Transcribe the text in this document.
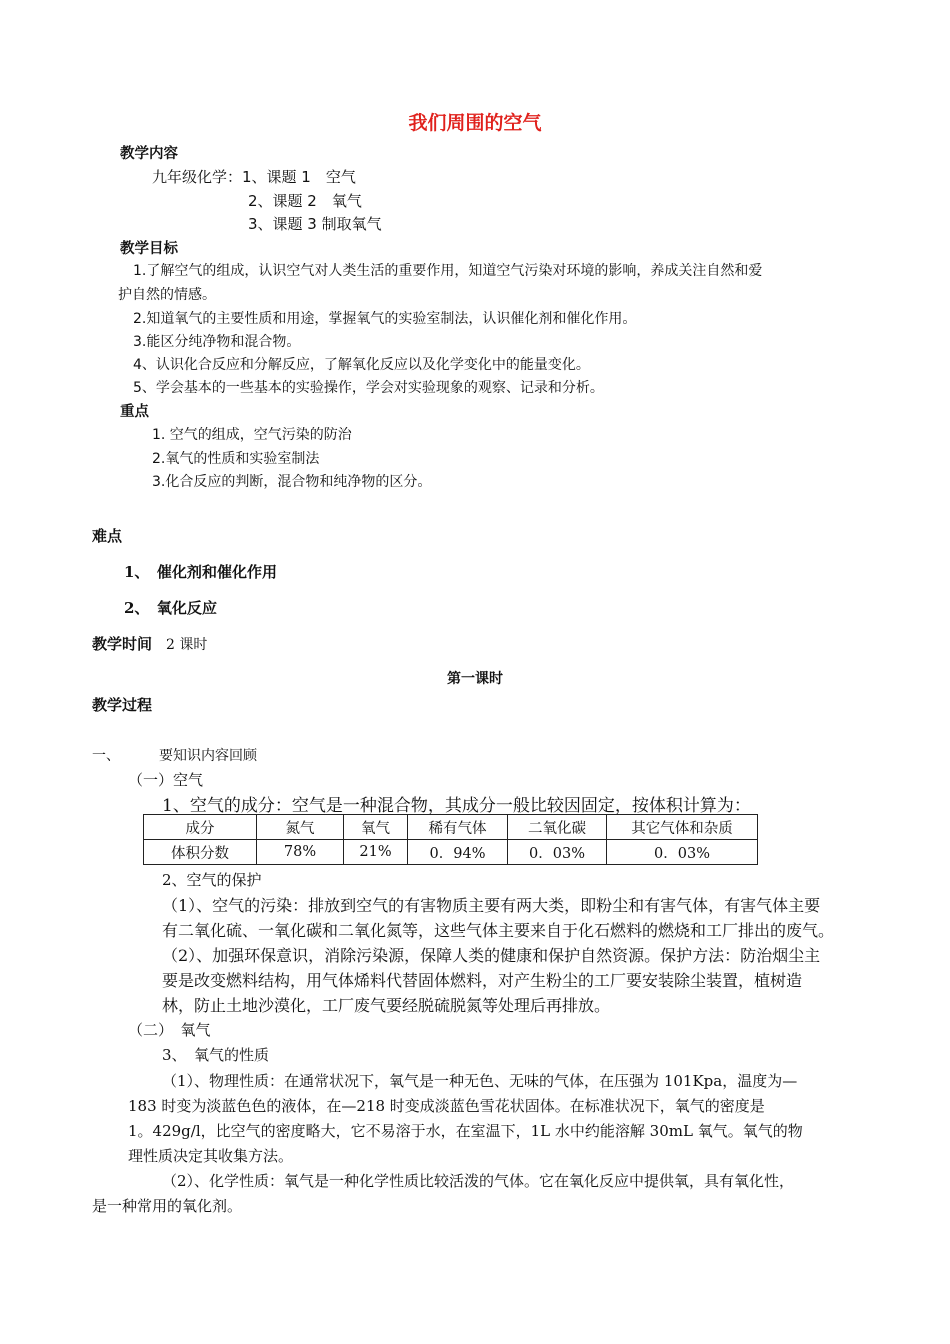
我们周围的空气
教学内容
九年级化学：1、课题 1　空气
2、课题 2　氧气
3、课题 3 制取氧气
教学目标
1.了解空气的组成，认识空气对人类生活的重要作用，知道空气污染对环境的影响，养成关注自然和爱
护自然的情感。
2.知道氧气的主要性质和用途，掌握氧气的实验室制法，认识催化剂和催化作用。
3.能区分纯净物和混合物。
4、认识化合反应和分解反应，了解氧化反应以及化学变化中的能量变化。
5、学会基本的一些基本的实验操作，学会对实验现象的观察、记录和分析。
重点
1. 空气的组成，空气污染的防治
2.氧气的性质和实验室制法
3.化合反应的判断，混合物和纯净物的区分。
难点
1、　催化剂和催化作用
2、　氧化反应
教学时间　 2 课时
第一课时
教学过程
一、	要知识内容回顾
（一）空气
1、空气的成分：空气是一种混合物，其成分一般比较因固定，按体积计算为：
成分	氮气	氧气	稀有气体	二氧化碳	其它气体和杂质
体积分数	78%	21%	0．94%	0．03%	0．03%
2、空气的保护
（1）、空气的污染：排放到空气的有害物质主要有两大类，即粉尘和有害气体，有害气体主要
有二氧化硫、一氧化碳和二氧化氮等，这些气体主要来自于化石燃料的燃烧和工厂排出的废气。
（2）、加强环保意识，消除污染源，保障人类的健康和保护自然资源。保护方法：防治烟尘主
要是改变燃料结构，用气体烯料代替固体燃料，对产生粉尘的工厂要安装除尘装置，植树造
林，防止土地沙漠化，工厂废气要经脱硫脱氮等处理后再排放。
（二）　氧气
3、　氧气的性质
（1）、物理性质：在通常状况下，氧气是一种无色、无味的气体，在压强为 101Kpa，温度为—
183 时变为淡蓝色色的液体，在—218 时变成淡蓝色雪花状固体。在标准状况下，氧气的密度是
1。429g/l，比空气的密度略大，它不易溶于水，在室温下，1L 水中约能溶解 30mL 氧气。氧气的物
理性质决定其收集方法。
（2）、化学性质：氧气是一种化学性质比较活泼的气体。它在氧化反应中提供氧，具有氧化性，
是一种常用的氧化剂。
